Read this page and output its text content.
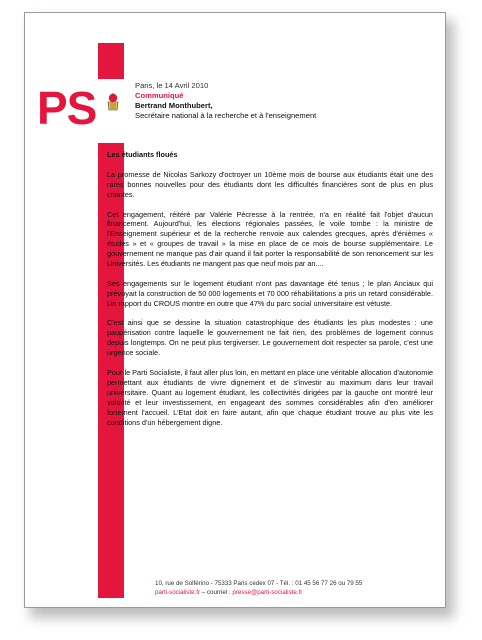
PS	Paris, le 14 Avril 2010
Communiqué
Bertrand Monthubert,
Secrétaire national à la recherche et à l'enseignement
Les étudiants floués

La promesse de Nicolas Sarkozy d'octroyer un 10ème mois de bourse aux étudiants était une des rares bonnes nouvelles pour des étudiants dont les difficultés financières sont de plus en plus criantes.

Cet engagement, réitéré par Valérie Pécresse à la rentrée, n'a en réalité fait l'objet d'aucun financement. Aujourd'hui, les élections régionales passées, le voile tombe : la ministre de l'Enseignement supérieur et de la recherche renvoie aux calendes grecques, après d'énièmes « études » et « groupes de travail » la mise en place de ce mois de bourse supplémentaire. Le gouvernement ne manque pas d'air quand il fait porter la responsabilité de son renoncement sur les Universités. Les étudiants ne mangent pas que neuf mois par an....

Ses engagements sur le logement étudiant n'ont pas davantage été tenus ; le plan Anciaux qui prévoyait la construction de 50 000 logements et 70 000 réhabilitations a pris un retard considérable. Un rapport du CROUS montre en outre que 47% du parc social universitaire est vétuste.

C'est ainsi que se dessine la situation catastrophique des étudiants les plus modestes : une paupérisation contre laquelle le gouvernement ne fait rien, des problèmes de logement connus depuis longtemps. On ne peut plus tergiverser. Le gouvernement doit respecter sa parole, c'est une urgence sociale.

Pour le Parti Socialiste, il faut aller plus loin, en mettant en place une véritable allocation d'autonomie permettant aux étudiants de vivre dignement et de s'investir au maximum dans leur travail universitaire. Quant au logement étudiant, les collectivités dirigées par la gauche ont montré leur volonté et leur investissement, en engageant des sommes considérables afin d'en améliorer fortement l'accueil. L'Etat doit en faire autant, afin que chaque étudiant trouve au plus vite les conditions d'un hébergement digne.

10, rue de Solférino - 75333 Paris cedex 07 - Tél. : 01 45 56 77 26 ou 79 55
parti-socialiste.fr – courriel : presse@parti-socialiste.fr
